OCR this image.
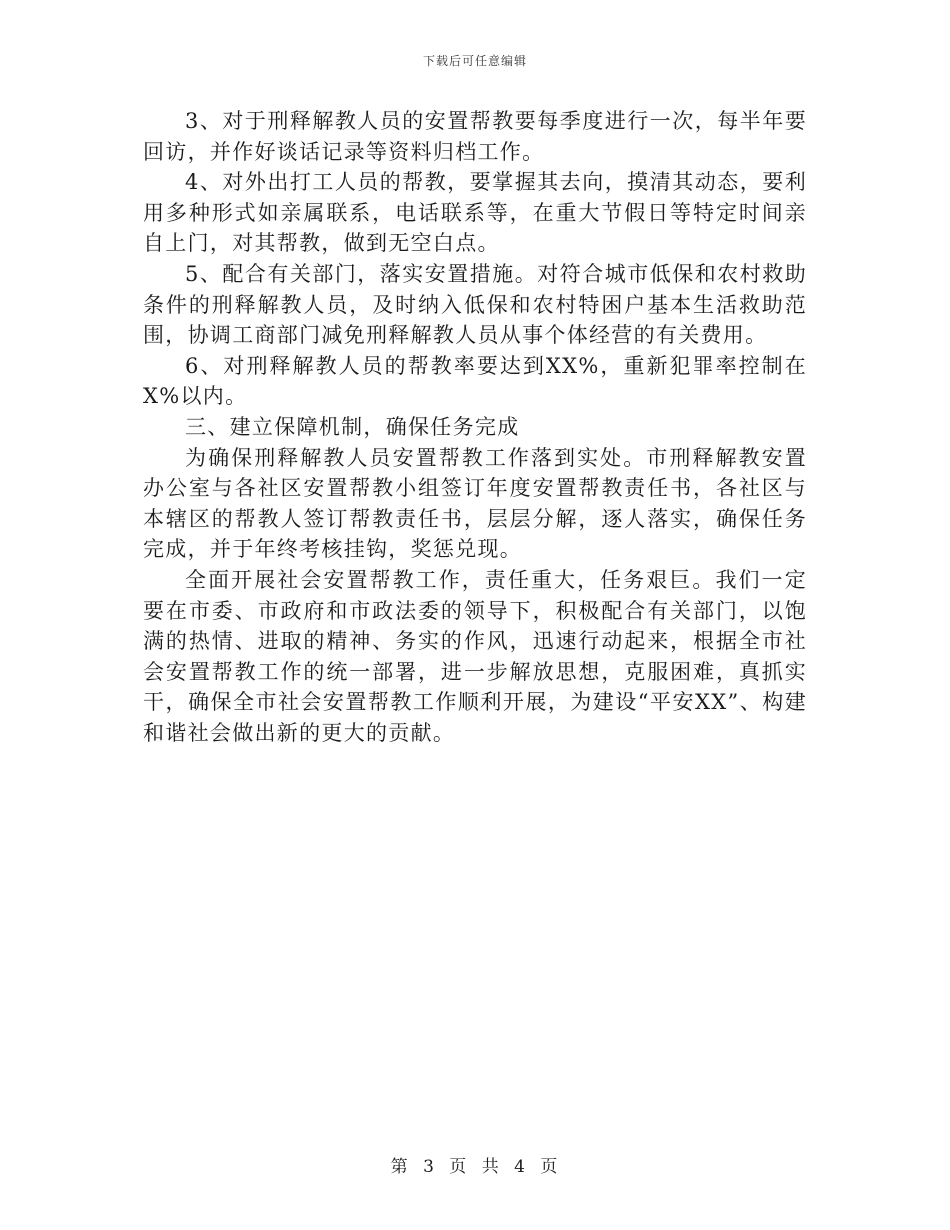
下载后可任意编辑

3、对于刑释解教人员的安置帮教要每季度进行一次，每半年要回访，并作好谈话记录等资料归档工作。

4、对外出打工人员的帮教，要掌握其去向，摸清其动态，要利用多种形式如亲属联系，电话联系等，在重大节假日等特定时间亲自上门，对其帮教，做到无空白点。

5、配合有关部门，落实安置措施。对符合城市低保和农村救助条件的刑释解教人员，及时纳入低保和农村特困户基本生活救助范围，协调工商部门减免刑释解教人员从事个体经营的有关费用。

6、对刑释解教人员的帮教率要达到XX%，重新犯罪率控制在X%以内。

三、建立保障机制，确保任务完成

为确保刑释解教人员安置帮教工作落到实处。市刑释解教安置办公室与各社区安置帮教小组签订年度安置帮教责任书，各社区与本辖区的帮教人签订帮教责任书，层层分解，逐人落实，确保任务完成，并于年终考核挂钩，奖惩兑现。

全面开展社会安置帮教工作，责任重大，任务艰巨。我们一定要在市委、市政府和市政法委的领导下，积极配合有关部门，以饱满的热情、进取的精神、务实的作风，迅速行动起来，根据全市社会安置帮教工作的统一部署，进一步解放思想，克服困难，真抓实干，确保全市社会安置帮教工作顺利开展，为建设“平安XX”、构建和谐社会做出新的更大的贡献。

第 3 页 共 4 页
